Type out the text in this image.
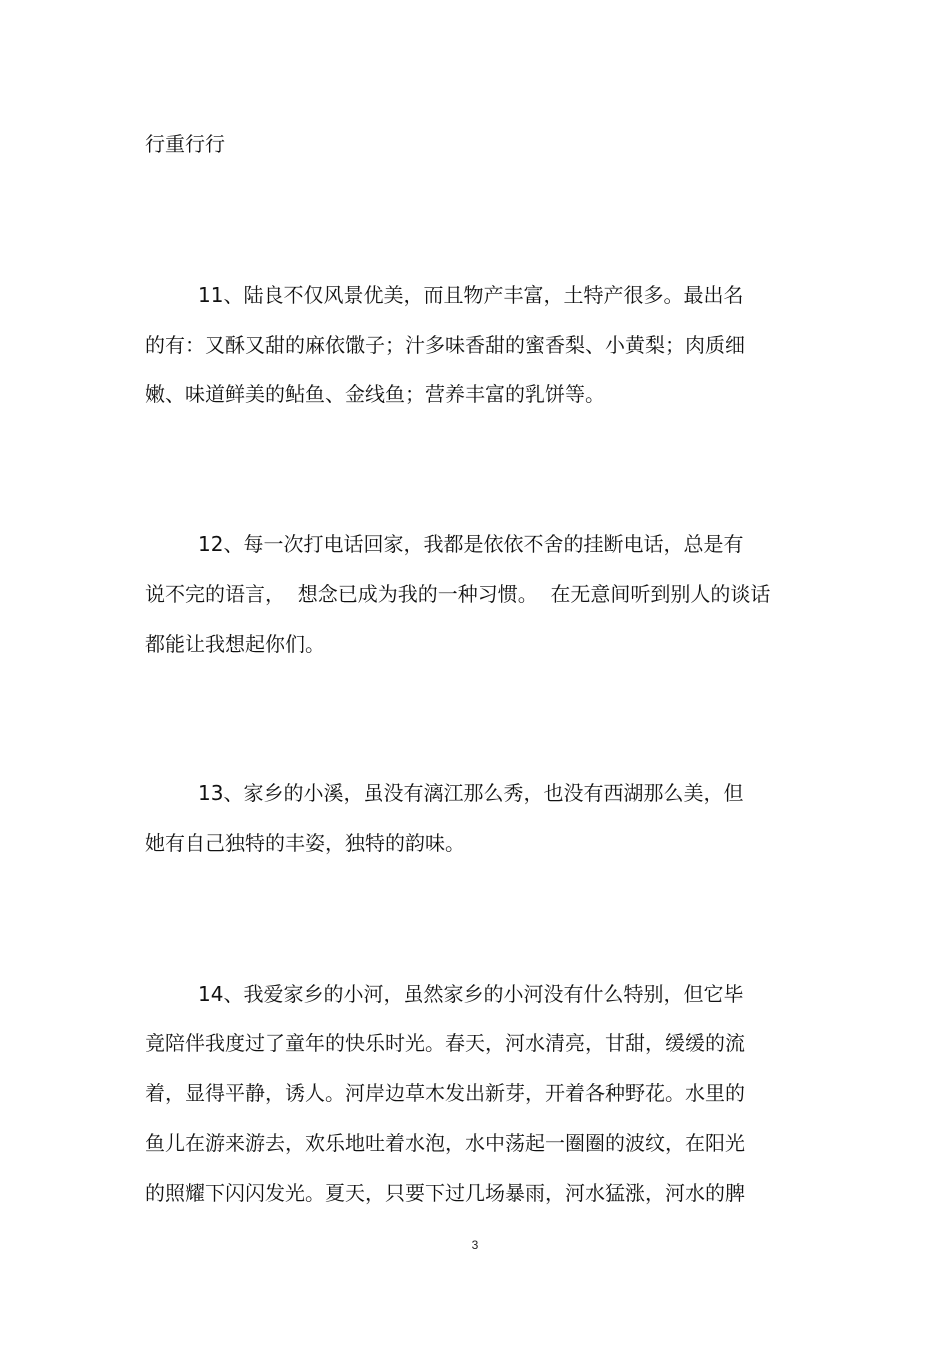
行重行行
11、陆良不仅风景优美，而且物产丰富，土特产很多。最出名
的有：又酥又甜的麻依馓子；汁多味香甜的蜜香梨、小黄梨；肉质细
嫩、味道鲜美的鲇鱼、金线鱼；营养丰富的乳饼等。
12、每一次打电话回家，我都是依依不舍的挂断电话，总是有
说不完的语言，  想念已成为我的一种习惯。  在无意间听到别人的谈话
都能让我想起你们。
13、家乡的小溪，虽没有漓江那么秀，也没有西湖那么美，但
她有自己独特的丰姿，独特的韵味。
14、我爱家乡的小河，虽然家乡的小河没有什么特别，但它毕
竟陪伴我度过了童年的快乐时光。春天，河水清亮，甘甜，缓缓的流
着，显得平静，诱人。河岸边草木发出新芽，开着各种野花。水里的
鱼儿在游来游去，欢乐地吐着水泡，水中荡起一圈圈的波纹，在阳光
的照耀下闪闪发光。夏天，只要下过几场暴雨，河水猛涨，河水的脾
3
